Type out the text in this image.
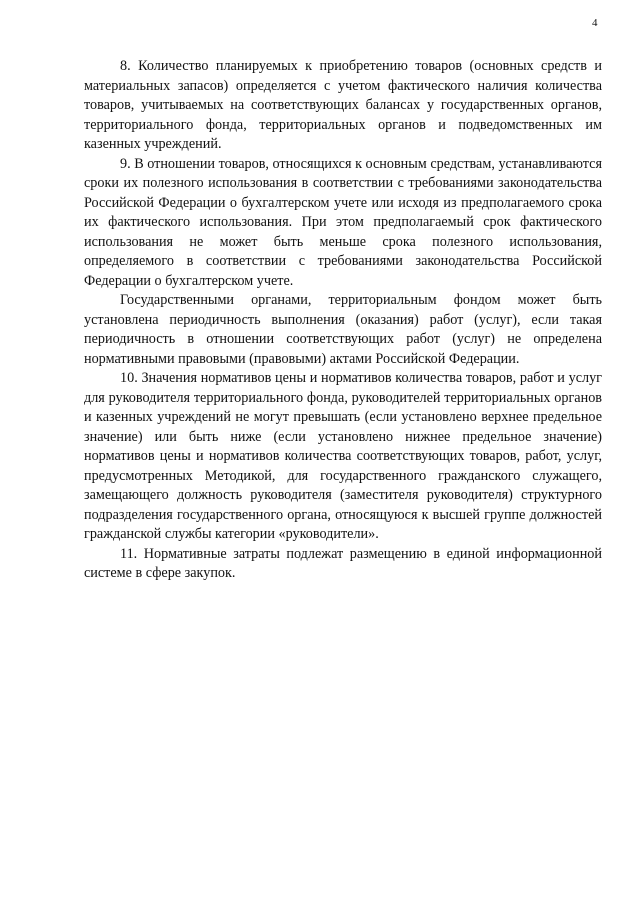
4

8. Количество планируемых к приобретению товаров (основных средств и материальных запасов) определяется с учетом фактического наличия количества товаров, учитываемых на соответствующих балансах у государственных органов, территориального фонда, территориальных органов и подведомственных им казенных учреждений.

9. В отношении товаров, относящихся к основным средствам, устанавливаются сроки их полезного использования в соответствии с требованиями законодательства Российской Федерации о бухгалтерском учете или исходя из предполагаемого срока их фактического использования. При этом предполагаемый срок фактического использования не может быть меньше срока полезного использования, определяемого в соответствии с требованиями законодательства Российской Федерации о бухгалтерском учете.

Государственными органами, территориальным фондом может быть установлена периодичность выполнения (оказания) работ (услуг), если такая периодичность в отношении соответствующих работ (услуг) не определена нормативными правовыми (правовыми) актами Российской Федерации.

10. Значения нормативов цены и нормативов количества товаров, работ и услуг для руководителя территориального фонда, руководителей территориальных органов и казенных учреждений не могут превышать (если установлено верхнее предельное значение) или быть ниже (если установлено нижнее предельное значение) нормативов цены и нормативов количества соответствующих товаров, работ, услуг, предусмотренных Методикой, для государственного гражданского служащего, замещающего должность руководителя (заместителя руководителя) структурного подразделения государственного органа, относящуюся к высшей группе должностей гражданской службы категории «руководители».

11. Нормативные затраты подлежат размещению в единой информационной системе в сфере закупок.
